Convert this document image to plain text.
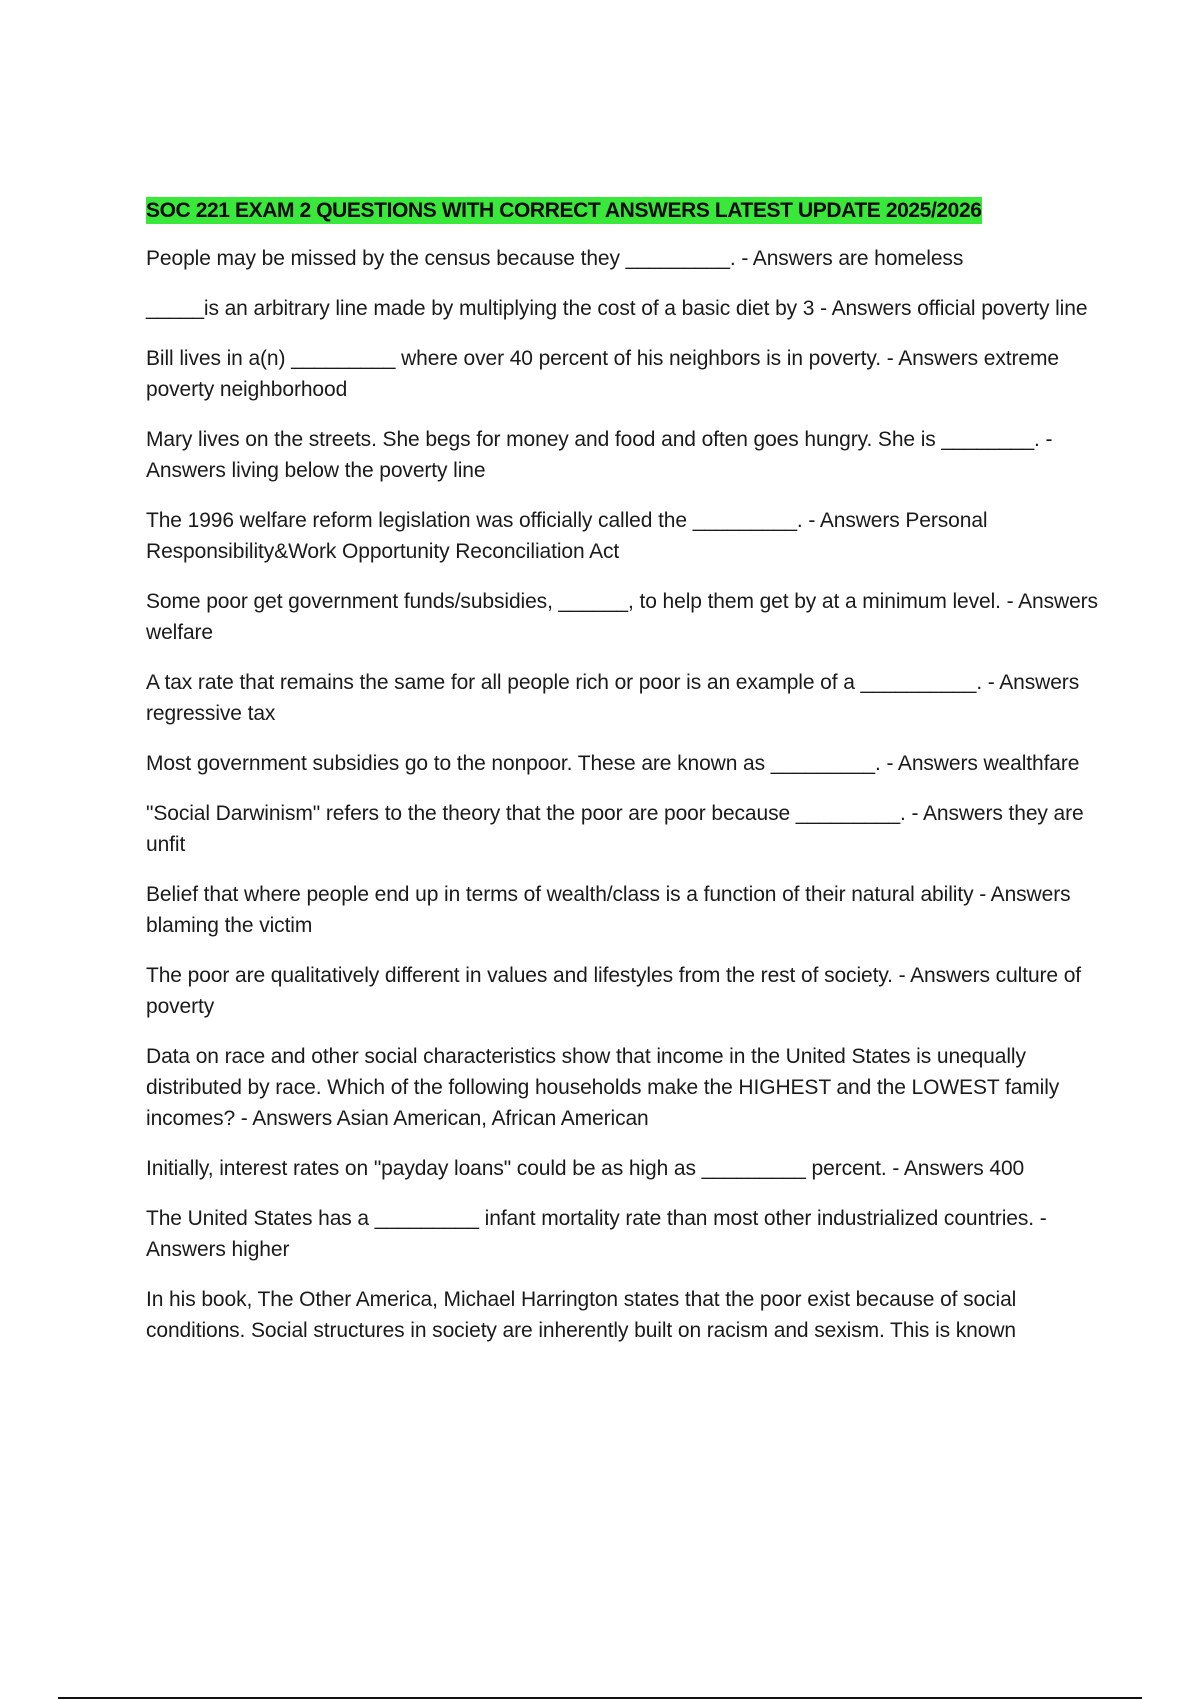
SOC 221 EXAM 2 QUESTIONS WITH CORRECT ANSWERS LATEST UPDATE 2025/2026

People may be missed by the census because they _________. - Answers are homeless

_____is an arbitrary line made by multiplying the cost of a basic diet by 3 - Answers official poverty line

Bill lives in a(n) _________ where over 40 percent of his neighbors is in poverty. - Answers extreme poverty neighborhood

Mary lives on the streets. She begs for money and food and often goes hungry. She is ________. - Answers living below the poverty line

The 1996 welfare reform legislation was officially called the _________. - Answers Personal Responsibility&Work Opportunity Reconciliation Act

Some poor get government funds/subsidies, ______, to help them get by at a minimum level. - Answers welfare

A tax rate that remains the same for all people rich or poor is an example of a __________. - Answers regressive tax

Most government subsidies go to the nonpoor. These are known as _________. - Answers wealthfare

"Social Darwinism" refers to the theory that the poor are poor because _________. - Answers they are unfit

Belief that where people end up in terms of wealth/class is a function of their natural ability - Answers blaming the victim

The poor are qualitatively different in values and lifestyles from the rest of society. - Answers culture of poverty

Data on race and other social characteristics show that income in the United States is unequally distributed by race. Which of the following households make the HIGHEST and the LOWEST family incomes? - Answers Asian American, African American

Initially, interest rates on "payday loans" could be as high as _________ percent. - Answers 400

The United States has a _________ infant mortality rate than most other industrialized countries. - Answers higher

In his book, The Other America, Michael Harrington states that the poor exist because of social conditions. Social structures in society are inherently built on racism and sexism. This is known
